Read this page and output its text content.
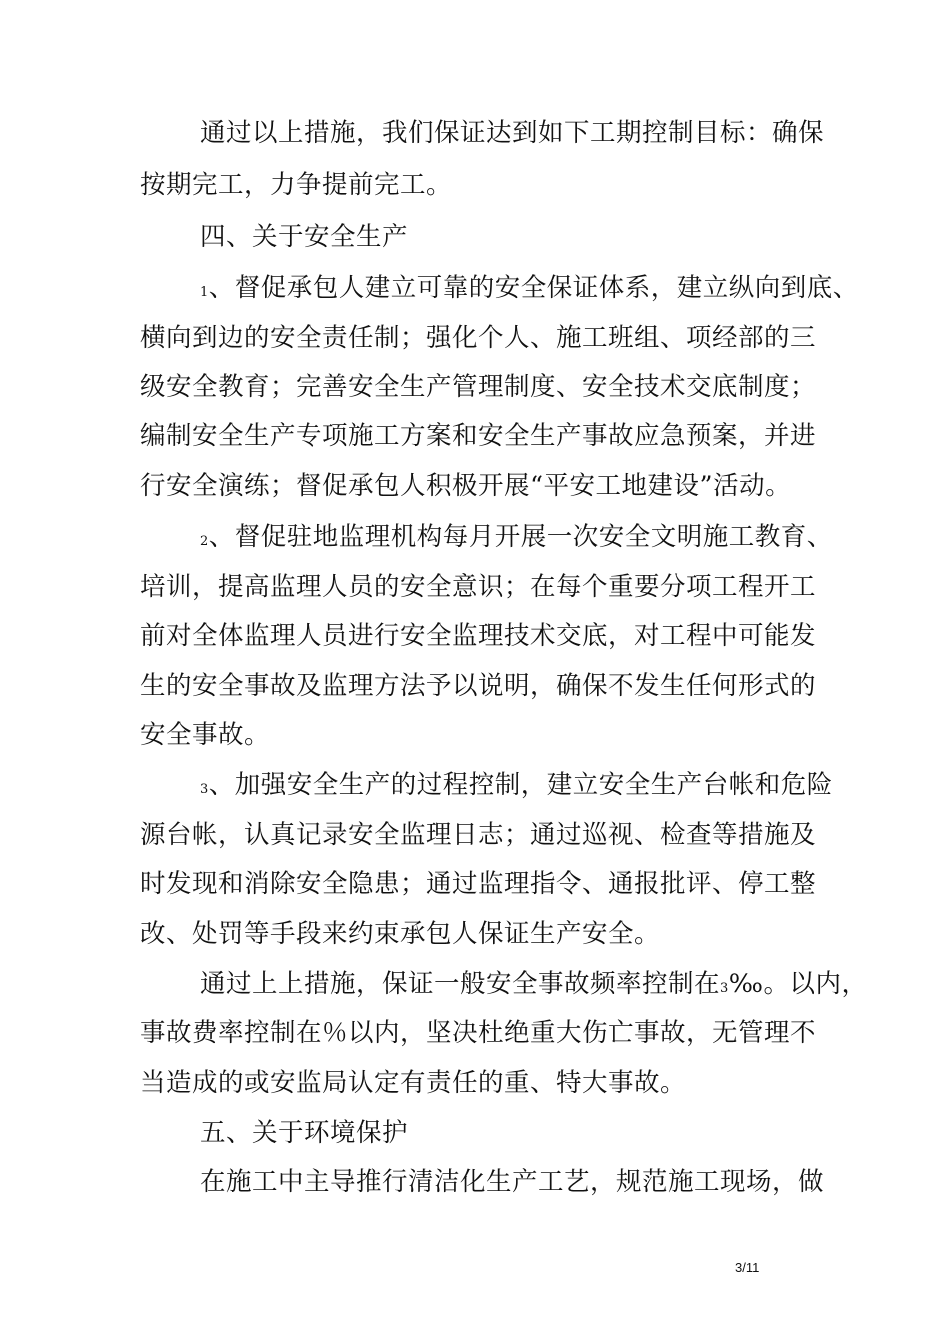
通过以上措施，我们保证达到如下工期控制目标：确保
按期完工，力争提前完工。
四、关于安全生产
1、督促承包人建立可靠的安全保证体系，建立纵向到底、
横向到边的安全责任制；强化个人、施工班组、项经部的三
级安全教育；完善安全生产管理制度、安全技术交底制度；
编制安全生产专项施工方案和安全生产事故应急预案，并进
行安全演练；督促承包人积极开展“平安工地建设”活动。
2、督促驻地监理机构每月开展一次安全文明施工教育、
培训，提高监理人员的安全意识；在每个重要分项工程开工
前对全体监理人员进行安全监理技术交底，对工程中可能发
生的安全事故及监理方法予以说明，确保不发生任何形式的
安全事故。
3、加强安全生产的过程控制，建立安全生产台帐和危险
源台帐，认真记录安全监理日志；通过巡视、检查等措施及
时发现和消除安全隐患；通过监理指令、通报批评、停工整
改、处罚等手段来约束承包人保证生产安全。
通过上上措施，保证一般安全事故频率控制在3‰。以内，
事故费率控制在％以内，坚决杜绝重大伤亡事故，无管理不
当造成的或安监局认定有责任的重、特大事故。
五、关于环境保护
在施工中主导推行清洁化生产工艺，规范施工现场，做
3/11
